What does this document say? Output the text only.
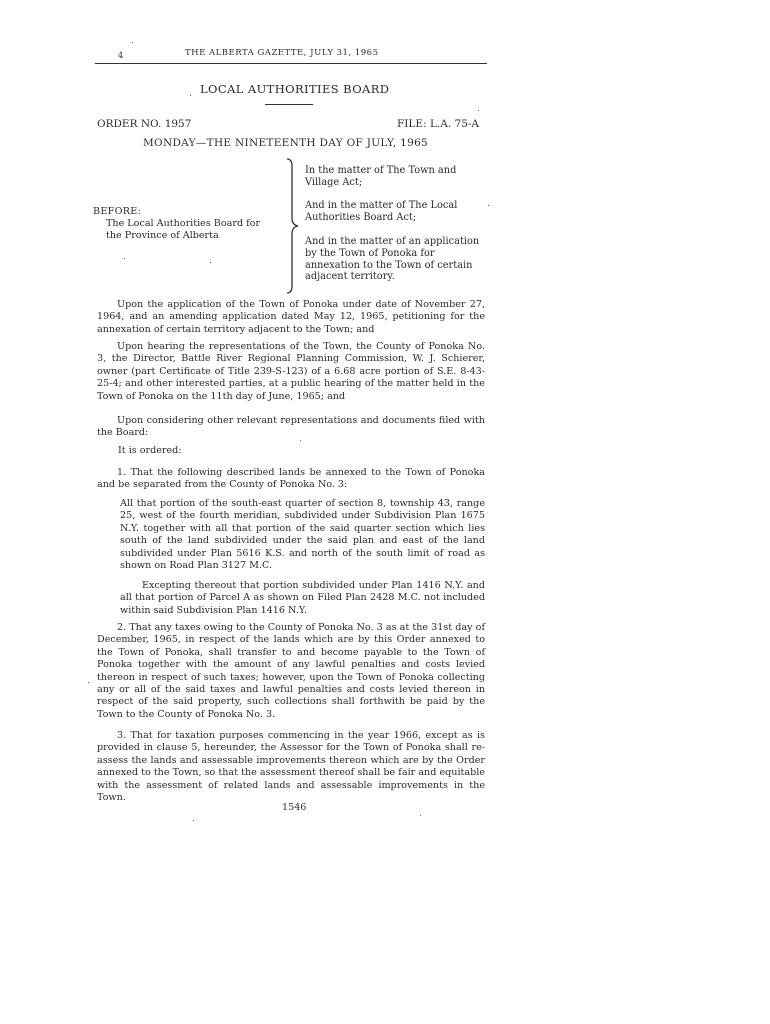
4	THE ALBERTA GAZETTE, JULY 31, 1965
LOCAL AUTHORITIES BOARD
ORDER NO. 1957	FILE: L.A. 75-A
MONDAY—THE NINETEENTH DAY OF JULY, 1965
BEFORE:
The Local Authorities Board for the Province of Alberta
In the matter of The Town and Village Act;
And in the matter of The Local Authorities Board Act;
And in the matter of an application by the Town of Ponoka for annexation to the Town of certain adjacent territory.
Upon the application of the Town of Ponoka under date of November 27, 1964, and an amending application dated May 12, 1965, petitioning for the annexation of certain territory adjacent to the Town; and
Upon hearing the representations of the Town, the County of Ponoka No. 3, the Director, Battle River Regional Planning Commission, W. J. Schierer, owner (part Certificate of Title 239-S-123) of a 6.68 acre portion of S.E. 8-43-25-4; and other interested parties, at a public hearing of the matter held in the Town of Ponoka on the 11th day of June, 1965; and
Upon considering other relevant representations and documents filed with the Board:
It is ordered:
1. That the following described lands be annexed to the Town of Ponoka and be separated from the County of Ponoka No. 3:
All that portion of the south-east quarter of section 8, township 43, range 25, west of the fourth meridian, subdivided under Subdivision Plan 1675 N.Y. together with all that portion of the said quarter section which lies south of the land subdivided under the said plan and east of the land subdivided under Plan 5616 K.S. and north of the south limit of road as shown on Road Plan 3127 M.C.
Excepting thereout that portion subdivided under Plan 1416 N.Y. and all that portion of Parcel A as shown on Filed Plan 2428 M.C. not included within said Subdivision Plan 1416 N.Y.
2. That any taxes owing to the County of Ponoka No. 3 as at the 31st day of December, 1965, in respect of the lands which are by this Order annexed to the Town of Ponoka, shall transfer to and become payable to the Town of Ponoka together with the amount of any lawful penalties and costs levied thereon in respect of such taxes; however, upon the Town of Ponoka collecting any or all of the said taxes and lawful penalties and costs levied thereon in respect of the said property, such collections shall forthwith be paid by the Town to the County of Ponoka No. 3.
3. That for taxation purposes commencing in the year 1966, except as is provided in clause 5, hereunder, the Assessor for the Town of Ponoka shall re-assess the lands and assessable improvements thereon which are by the Order annexed to the Town, so that the assessment thereof shall be fair and equitable with the assessment of related lands and assessable improvements in the Town.
1546
